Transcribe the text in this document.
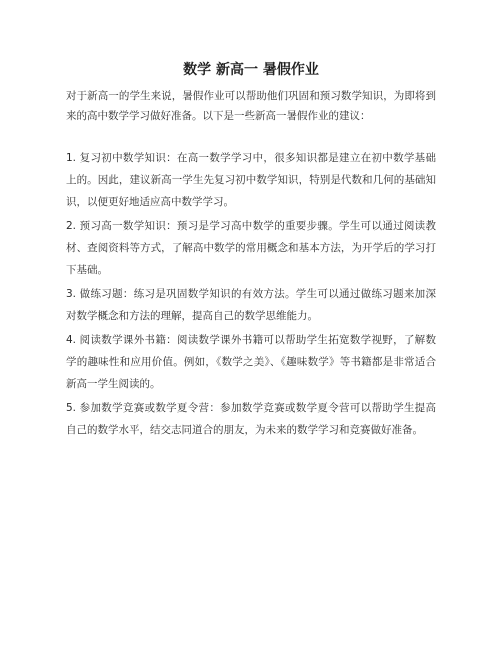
数学 新高一 暑假作业

对于新高一的学生来说，暑假作业可以帮助他们巩固和预习数学知识，为即将到来的高中数学学习做好准备。以下是一些新高一暑假作业的建议：

1. 复习初中数学知识：在高一数学学习中，很多知识都是建立在初中数学基础上的。因此，建议新高一学生先复习初中数学知识，特别是代数和几何的基础知识，以便更好地适应高中数学学习。

2. 预习高一数学知识：预习是学习高中数学的重要步骤。学生可以通过阅读教材、查阅资料等方式，了解高中数学的常用概念和基本方法，为开学后的学习打下基础。

3. 做练习题：练习是巩固数学知识的有效方法。学生可以通过做练习题来加深对数学概念和方法的理解，提高自己的数学思维能力。

4. 阅读数学课外书籍：阅读数学课外书籍可以帮助学生拓宽数学视野，了解数学的趣味性和应用价值。例如，《数学之美》、《趣味数学》等书籍都是非常适合新高一学生阅读的。

5. 参加数学竞赛或数学夏令营：参加数学竞赛或数学夏令营可以帮助学生提高自己的数学水平，结交志同道合的朋友，为未来的数学学习和竞赛做好准备。
